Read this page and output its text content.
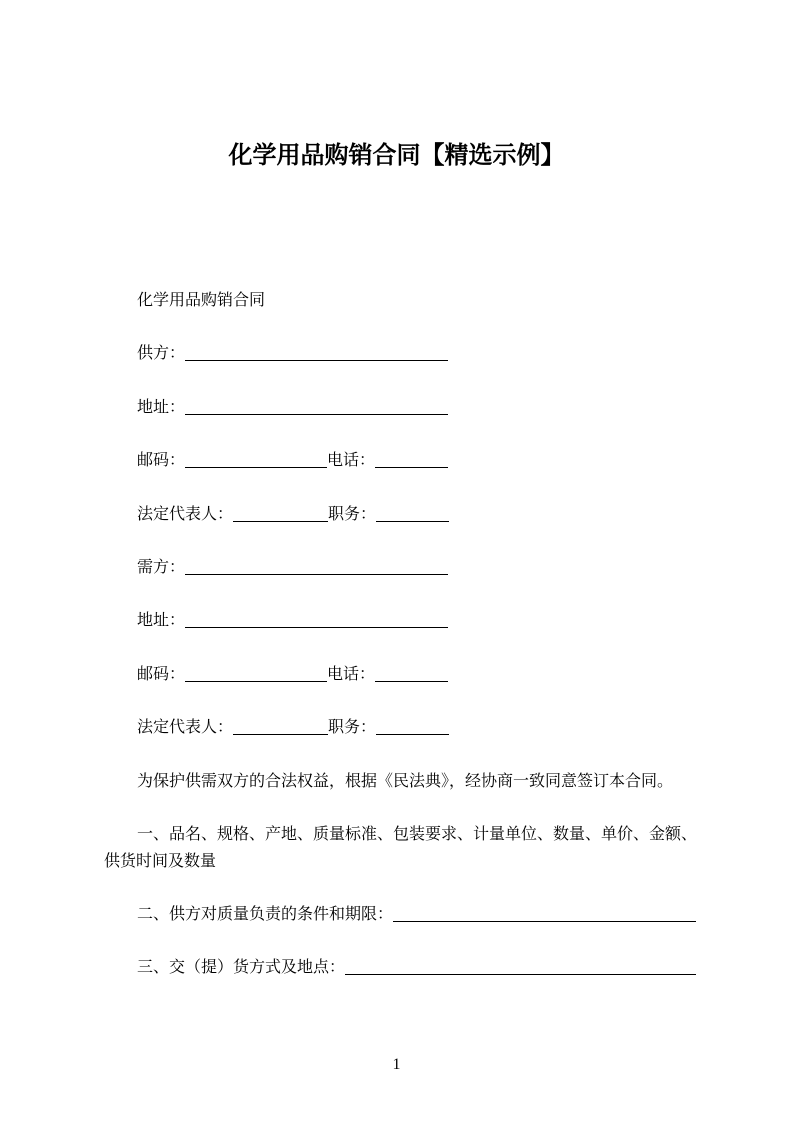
化学用品购销合同【精选示例】

化学用品购销合同

供方：

地址：

邮码：	电话：

法定代表人：	职务：

需方：

地址：

邮码：	电话：

法定代表人：	职务：

为保护供需双方的合法权益，根据《民法典》，经协商一致同意签订本合同。

一、品名、规格、产地、质量标准、包装要求、计量单位、数量、单价、金额、
供货时间及数量

二、供方对质量负责的条件和期限：

三、交（提）货方式及地点：

1
